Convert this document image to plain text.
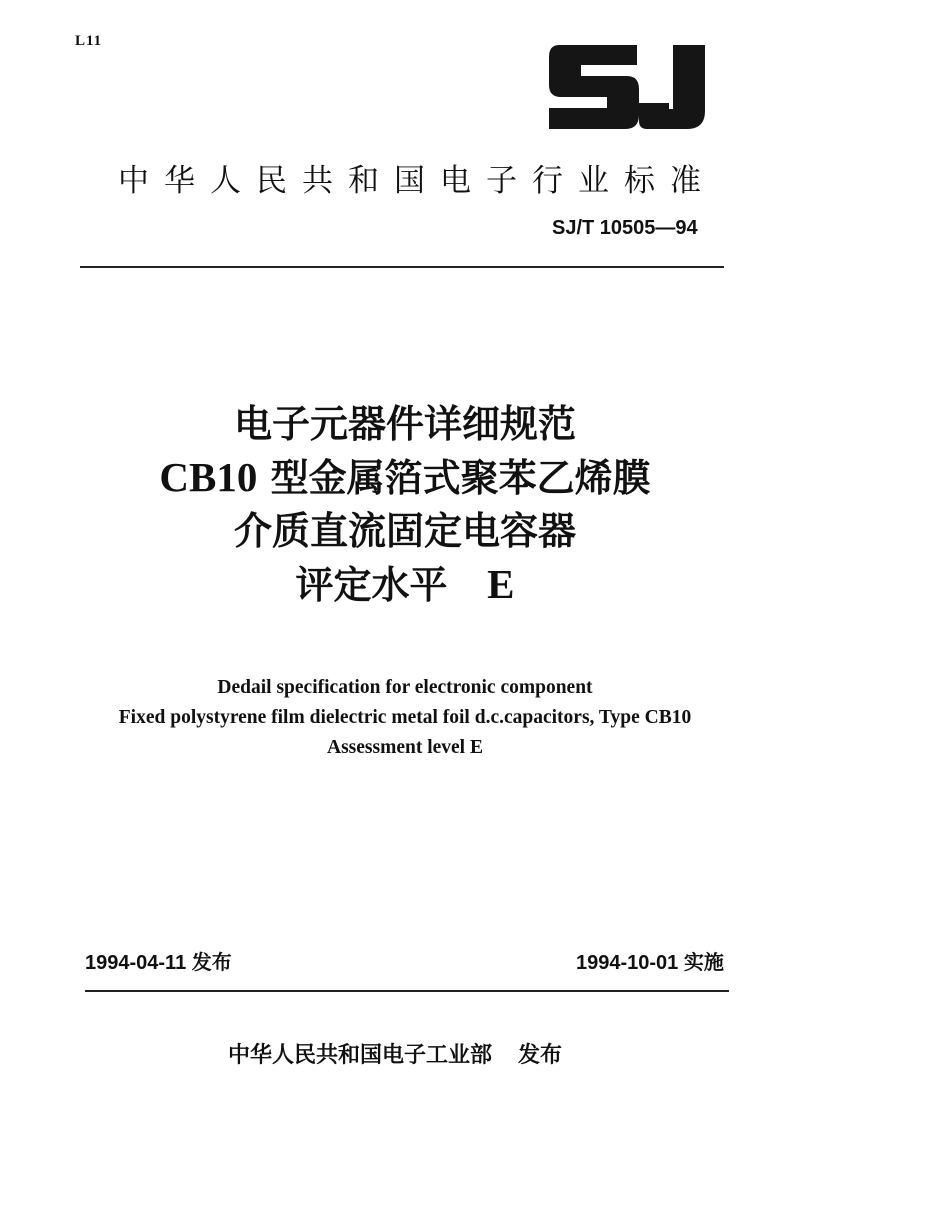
L11
中华人民共和国电子行业标准
SJ/T 10505—94
电子元器件详细规范
CB10 型金属箔式聚苯乙烯膜
介质直流固定电容器
评定水平 E
Dedail specification for electronic component
Fixed polystyrene film dielectric metal foil d.c.capacitors, Type CB10
Assessment level E
1994-04-11 发布	1994-10-01 实施
中华人民共和国电子工业部 发布
